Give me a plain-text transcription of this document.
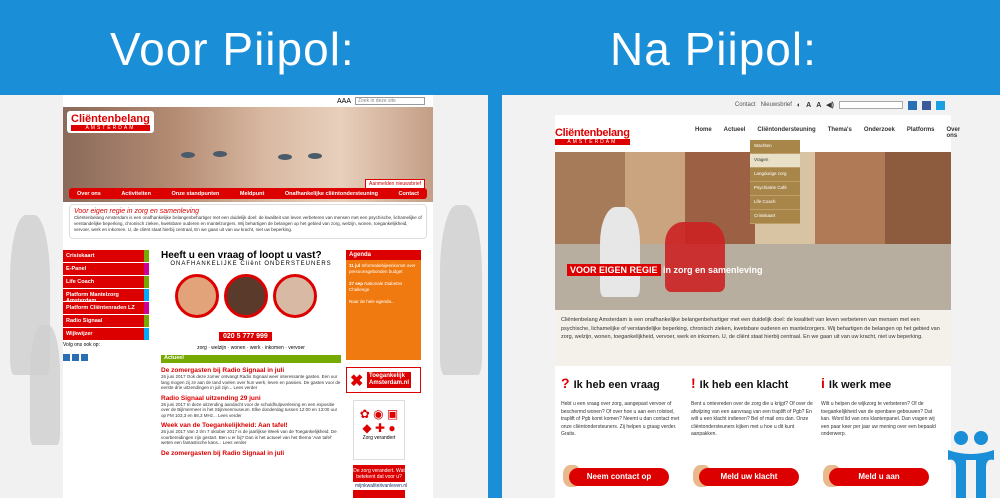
Voor Piipol:	Na Piipol:
AAA	Zoek in deze site
Cliëntenbelang
AMSTERDAM
Aanmelden nieuwsbrief
Over ons	Activiteiten	Onze standpunten	Meldpunt	Onafhankelijke cliëntondersteuning	Contact
Voor eigen regie in zorg en samenleving
Cliëntenbelang Amsterdam is een onafhankelijke belangenbehartiger met een duidelijk doel: de kwaliteit van leven verbeteren van mensen met een psychische, lichamelijke of verstandelijke beperking, chronisch zieken, kwetsbare ouderen en mantelzorgers. Wij behartigen de belangen op het gebied van zorg, welzijn, wonen, toegankelijkheid, vervoer, werk en inkomen. U, de cliënt staat hierbij centraal, En we gaan uit van uw kracht, niet uw beperking.
Crisiskaart
E-Panel
Life Coach
Platform Mantelzorg Amsterdam
Platform Cliëntenraden LZ
Radio Signaal
Wijkwijzer
Volg ons ook op:
Heeft u een vraag of loopt u vast?
ONAFHANKELIJKE Cliënt ONDERSTEUNERS
020 5 777 999
zorg · welzijn · wonen · werk · inkomen · vervoer
Actueel
De zomergasten bij Radio Signaal in juli
26 juni 2017 Ook deze zomer ontvangt Radio Signaal weer interessante gasten. Een uur lang mogen zij ze aan de tand voelen over hun werk, leven en passies. De gasten voor de eerste drie uitzendingen in juli zijn... Lees verder
Radio Signaal uitzending 29 juni
26 juni 2017 In deze uitzending aandacht voor de schuldhulpverlening en een expositie over de Bijlmermeer in het Stijnmenmuseum. Elke donderdag tussen 12:00 en 13:00 uur op FM 103,3 en 88,3 MHz... Lees verder
Week van de Toegankelijkheid: Aan tafel!
26 juni 2017 Van 2 t/m 7 oktober 2017 is de jaarlijkse Week van de Toegankelijkheid. De voorbereidingen zijn gestart. Ben u er bij? Dan is het actueel van het thema 'Aan tafel' weten een fantastische kans... Lees verder
De zomergasten bij Radio Signaal in juli
Agenda
11 jul Informatiebijeenkomst over persoonsgebonden budget
27 sep Nationale Diabetes Challenge
Naar de hele agenda...
✖ Toegankelijk
Amsterdam.nl
✿ ◉ ▣
◆ ✚ ●
Zorg verandert
De zorg verandert. Wat betekent dat voor u?
mijnkwaliteitvanleven.nl
Contact Nieuwsbrief ◐ A A ◀)
Cliëntenbelang
AMSTERDAM
Home Actueel Cliëntondersteuning Thema's Onderzoek Platforms Over ons
VOOR EIGEN REGIE in zorg en samenleving
Wachten
Vragen
Langdurige zorg
Psychiatrie Café
Life Coach
Crisiskaart
Cliëntenbelang Amsterdam is een onafhankelijke belangenbehartiger met een duidelijk doel: de kwaliteit van leven verbeteren van mensen met een psychische, lichamelijke of verstandelijke beperking, chronisch zieken, kwetsbare ouderen en mantelzorgers. Wij behartigen de belangen op het gebied van zorg, welzijn, wonen, toegankelijkheid, vervoer, werk en inkomen. U, de cliënt staat hierbij centraal. En we gaan uit van uw kracht, niet uw beperking.
? Ik heb een vraag
Hebt u een vraag over zorg, aangepast vervoer of beschermd wonen? Of over hoe u aan een rolstoel, traplift of Pgb komt komen? Neemt u dan contact met onze cliëntondersteuners. Zij helpen u graag verder. Gratis.
Neem contact op
! Ik heb een klacht
Bent u ontevreden over de zorg die u krijgt? Of over de afwijzing van een aanvraag van een traplift of Pgb? En wilt u een klacht indienen? Bel of mail ons dan. Onze cliëntondersteuners kijken met u hoe u dit kunt aanpakken.
Meld uw klacht
i Ik werk mee
Wilt u helpen de wijkzorg te verbeteren? Of de toegankelijkheid van de openbare gebouwen? Dat kan. Word lid van ons klantenpanel. Dan vragen wij een paar keer per jaar uw mening over een bepaald onderwerp.
Meld u aan
